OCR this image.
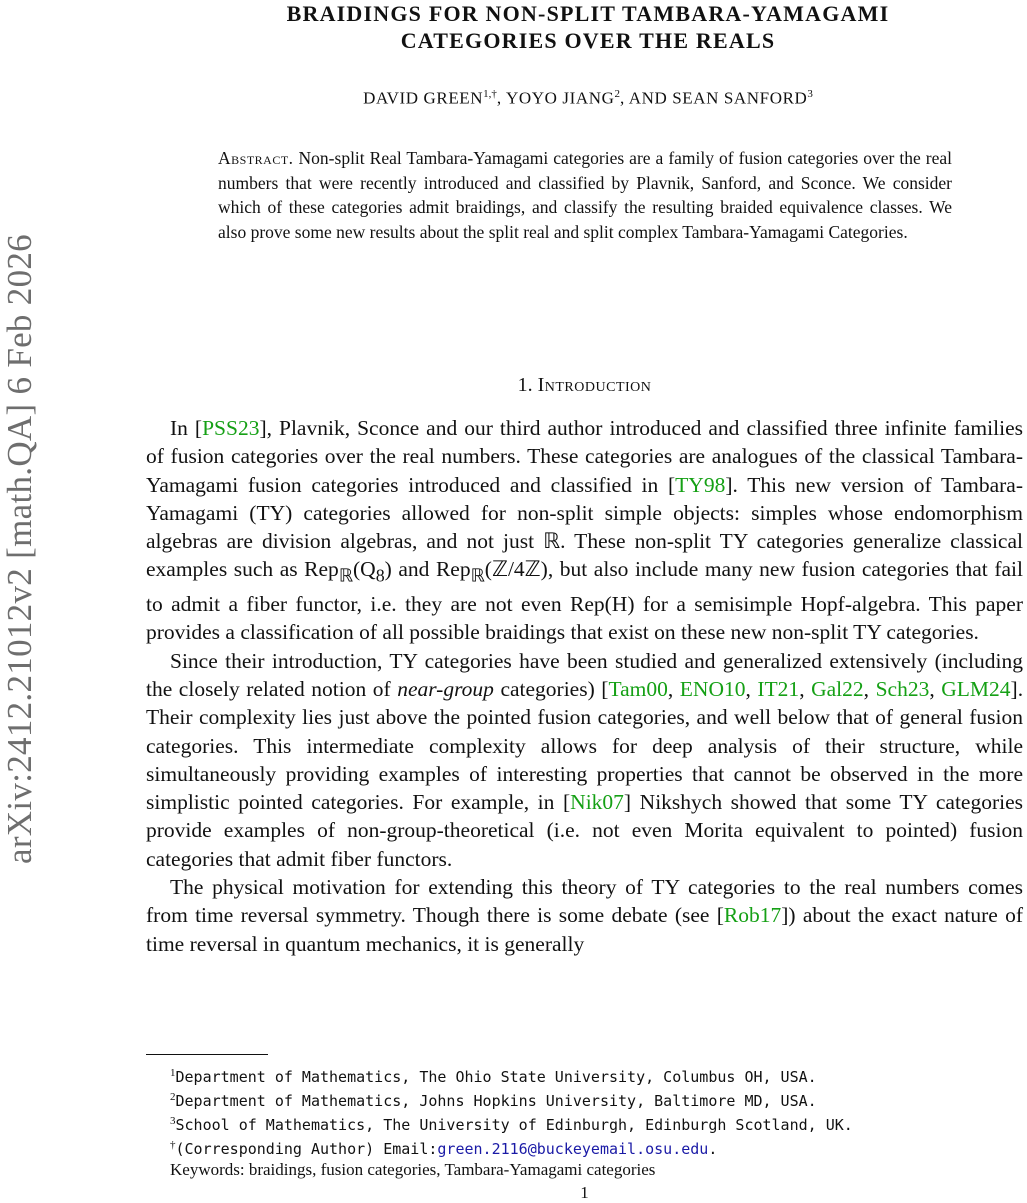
arXiv:2412.21012v2 [math.QA] 6 Feb 2026
BRAIDINGS FOR NON-SPLIT TAMBARA-YAMAGAMI
CATEGORIES OVER THE REALS
DAVID $GREEN^{1,\dagger}$, YOYO JIANG$^2$, AND SEAN SANFORD$^3$
Abstract. Non-split Real Tambara-Yamagami categories are a family of fusion categories over the real numbers that were recently introduced and classified by Plavnik, Sanford, and Sconce. We consider which of these categories admit braidings, and classify the resulting braided equivalence classes. We also prove some new results about the split real and split complex Tambara-Yamagami Categories.
1. Introduction

In [PSS23], Plavnik, Sconce and our third author introduced and classified three infinite families of fusion categories over the real numbers. These categories are analogues of the classical Tambara-Yamagami fusion categories introduced and classified in [TY98]. This new version of Tambara-Yamagami (TY) categories allowed for non-split simple objects: simples whose endomorphism algebras are division algebras, and not just ℝ. These non-split TY categories generalize classical examples such as $Rep_ℝ(Q_8)$ and Rep$_ℝ$(ℤ/4ℤ), but also include many new fusion categories that fail to admit a fiber functor, i.e. they are not even Rep(H) for a semisimple Hopf-algebra. This paper provides a classification of all possible braidings that exist on these new non-split TY categories.

Since their introduction, TY categories have been studied and generalized extensively (including the closely related notion of near-group categories) [Tam00, ENO10, IT21, Gal22, Sch23, GLM24]. Their complexity lies just above the pointed fusion categories, and well below that of general fusion categories. This intermediate complexity allows for deep analysis of their structure, while simultaneously providing examples of interesting properties that cannot be observed in the more simplistic pointed categories. For example, in [Nik07] Nikshych showed that some TY categories provide examples of non-group-theoretical (i.e. not even Morita equivalent to pointed) fusion categories that admit fiber functors.

The physical motivation for extending this theory of TY categories to the real numbers comes from time reversal symmetry. Though there is some debate (see [Rob17]) about the exact nature of time reversal in quantum mechanics, it is generally

$^1$Department of Mathematics, The Ohio State University, Columbus OH, USA.
$^2$Department of Mathematics, Johns Hopkins University, Baltimore MD, USA.
$^3$School of Mathematics, The University of Edinburgh, Edinburgh Scotland, UK.
†(Corresponding Author) Email:green.2116@buckeyemail.osu.edu.
Keywords: braidings, fusion categories, Tambara-Yamagami categories
1
